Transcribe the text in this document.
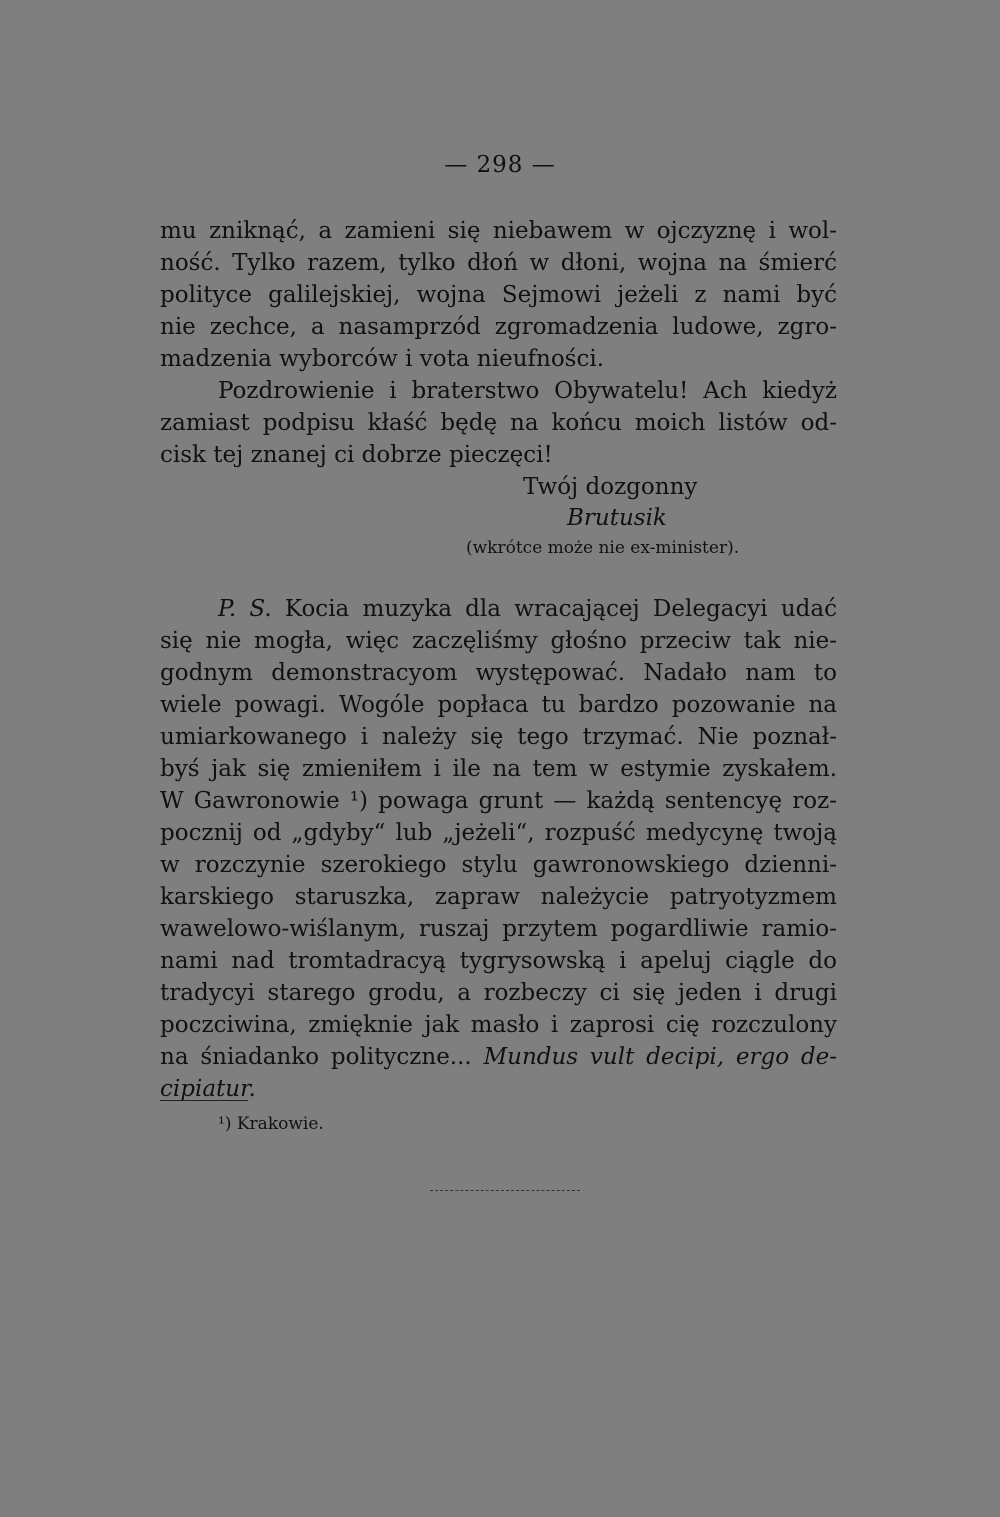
— 298 —
mu zniknąć, a zamieni się niebawem w ojczyznę i wol-
ność. Tylko razem, tylko dłoń w dłoni, wojna na śmierć
polityce galilejskiej, wojna Sejmowi jeżeli z nami być
nie zechce, a nasamprzód zgromadzenia ludowe, zgro-
madzenia wyborców i vota nieufności.
Pozdrowienie i braterstwo Obywatelu! Ach kiedyż
zamiast podpisu kłaść będę na końcu moich listów od-
cisk tej znanej ci dobrze pieczęci!
Twój dozgonny
Brutusik
(wkrótce może nie ex-minister).
P. S. Kocia muzyka dla wracającej Delegacyi udać
się nie mogła, więc zaczęliśmy głośno przeciw tak nie-
godnym demonstracyom występować. Nadało nam to
wiele powagi. Wogóle popłaca tu bardzo pozowanie na
umiarkowanego i należy się tego trzymać. Nie poznał-
byś jak się zmieniłem i ile na tem w estymie zyskałem.
W Gawronowie ¹) powaga grunt — każdą sentencyę roz-
pocznij od „gdyby“ lub „jeżeli“, rozpuść medycynę twoją
w rozczynie szerokiego stylu gawronowskiego dzienni-
karskiego staruszka, zapraw należycie patryotyzmem
wawelowo-wiślanym, ruszaj przytem pogardliwie ramio-
nami nad tromtadracyą tygrysowską i apeluj ciągle do
tradycyi starego grodu, a rozbeczy ci się jeden i drugi
poczciwina, zmięknie jak masło i zaprosi cię rozczulony
na śniadanko polityczne... Mundus vult decipi, ergo de-
cipiatur.
¹) Krakowie.
